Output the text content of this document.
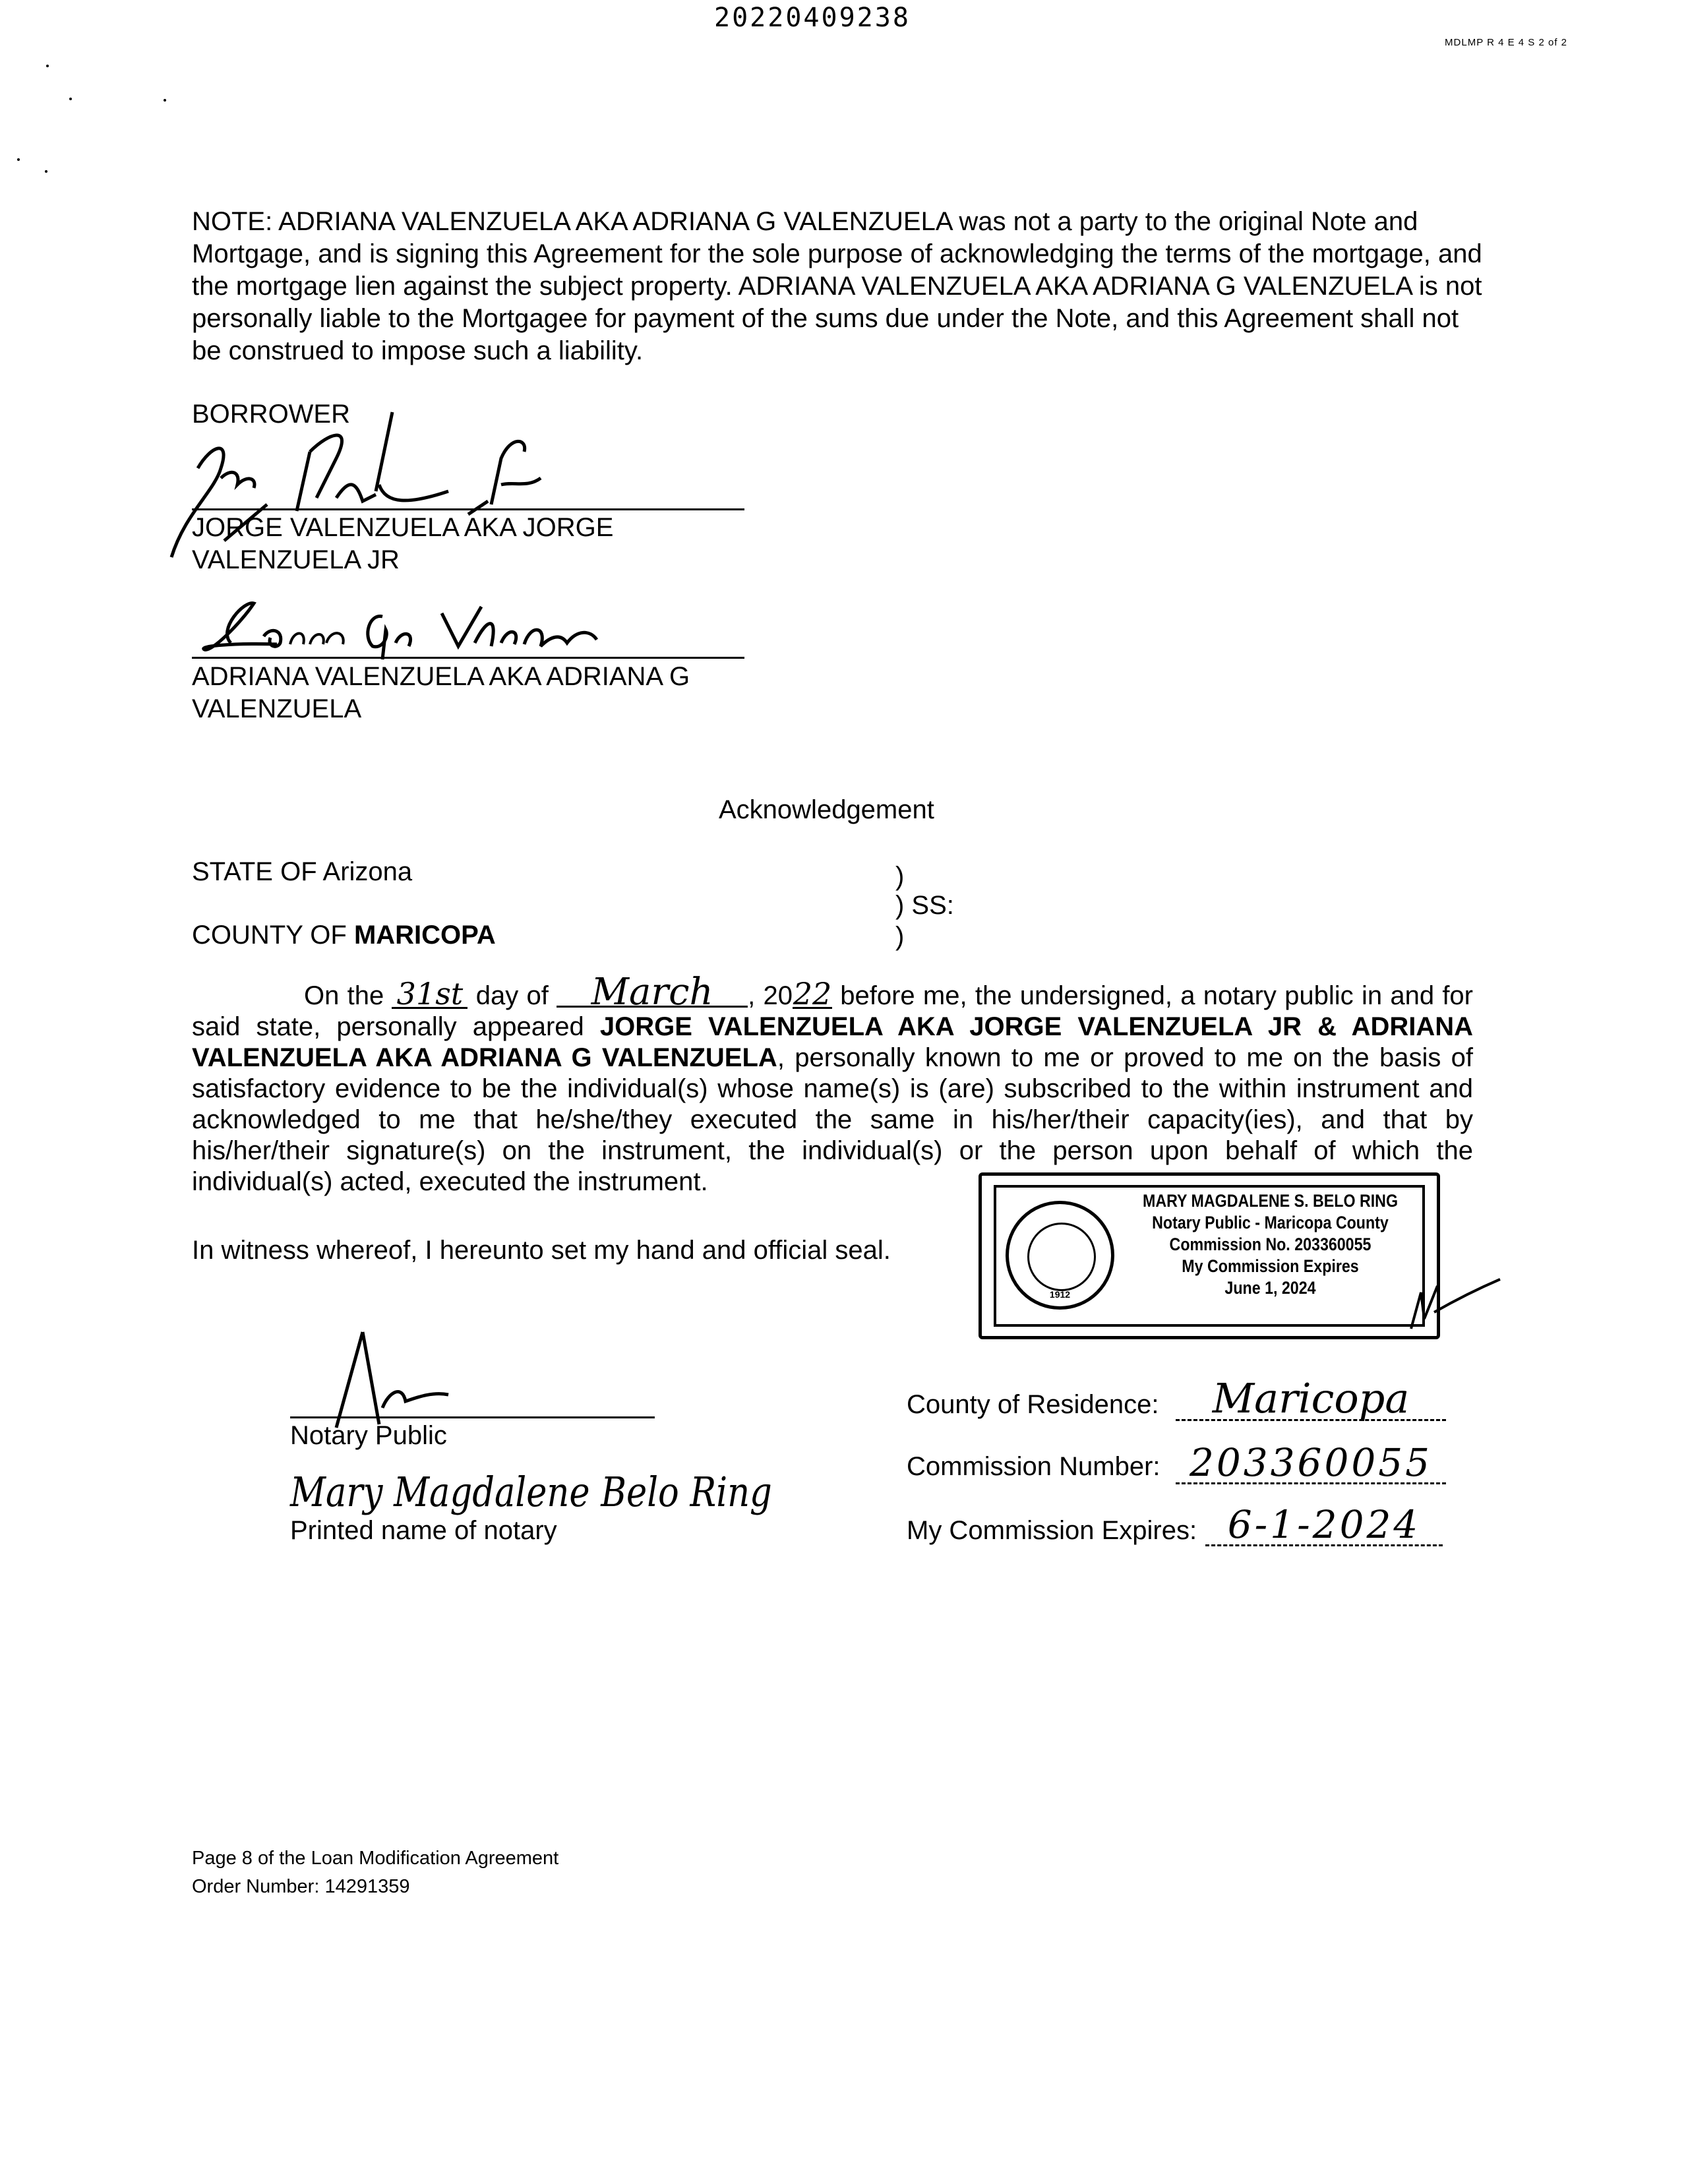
20220409238
MDLMP R 4 E 4 S 2 of 2
NOTE: ADRIANA VALENZUELA AKA ADRIANA G VALENZUELA was not a party to the original Note and Mortgage, and is signing this Agreement for the sole purpose of acknowledging the terms of the mortgage, and the mortgage lien against the subject property. ADRIANA VALENZUELA AKA ADRIANA G VALENZUELA is not personally liable to the Mortgagee for payment of the sums due under the Note, and this Agreement shall not be construed to impose such a liability.
BORROWER
JORGE VALENZUELA AKA JORGE
VALENZUELA JR
ADRIANA VALENZUELA AKA ADRIANA G
VALENZUELA
Acknowledgement
STATE OF Arizona
COUNTY OF MARICOPA
)
) SS:
)
On the 31st day of March , 2022 before me, the undersigned, a notary public in and for said state, personally appeared JORGE VALENZUELA AKA JORGE VALENZUELA JR & ADRIANA VALENZUELA AKA ADRIANA G VALENZUELA, personally known to me or proved to me on the basis of satisfactory evidence to be the individual(s) whose name(s) is (are) subscribed to the within instrument and acknowledged to me that he/she/they executed the same in his/her/their capacity(ies), and that by his/her/their signature(s) on the instrument, the individual(s) or the person upon behalf of which the individual(s) acted, executed the instrument.
In witness whereof, I hereunto set my hand and official seal.
1912
MARY MAGDALENE S. BELO RING
Notary Public - Maricopa County
Commission No. 203360055
My Commission Expires
June 1, 2024
Notary Public
Mary Magdalene Belo Ring
Printed name of notary
County of Residence:	Maricopa
Commission Number: 203360055
My Commission Expires: 6-1-2024
Page 8 of the Loan Modification Agreement
Order Number: 14291359
